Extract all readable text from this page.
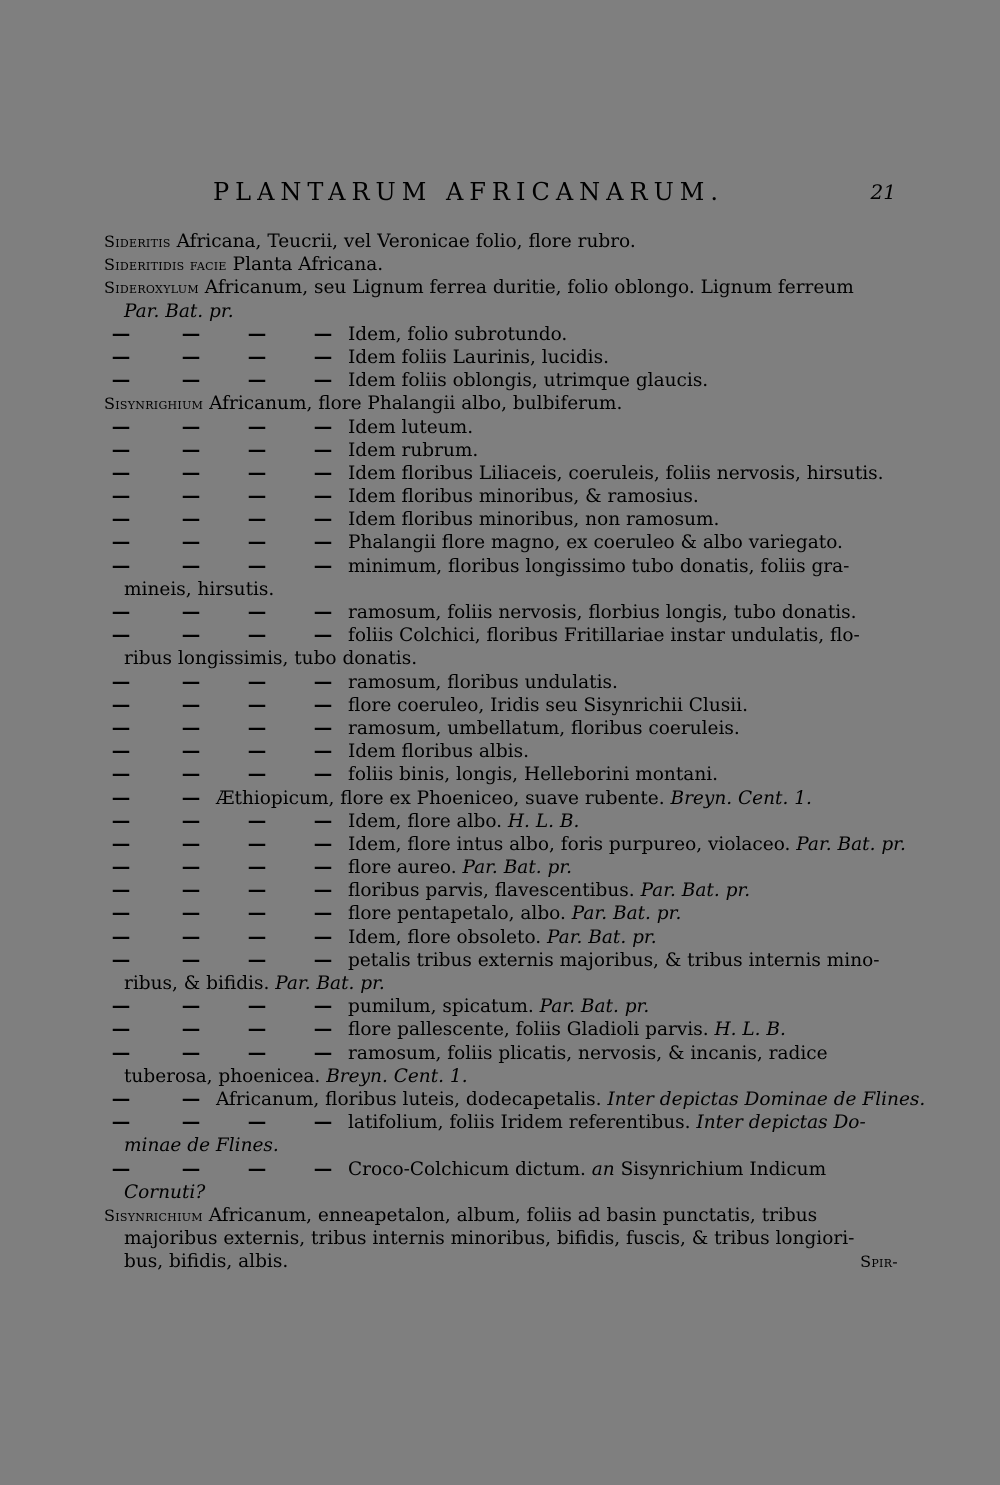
PLANTARUM AFRICANARUM.	21
Sideritis Africana, Teucrii, vel Veronicae folio, flore rubro.
Sideritidis facie Planta Africana.
Sideroxylum Africanum, seu Lignum ferrea duritie, folio oblongo. Lignum ferreum
Par. Bat. pr.
—	—	—	— Idem, folio subrotundo.
—	—	—	— Idem foliis Laurinis, lucidis.
—	—	—	— Idem foliis oblongis, utrimque glaucis.
Sisynrighium Africanum, flore Phalangii albo, bulbiferum.
—	—	—	— Idem luteum.
—	—	—	— Idem rubrum.
—	—	—	— Idem floribus Liliaceis, coeruleis, foliis nervosis, hirsutis.
—	—	—	— Idem floribus minoribus, & ramosius.
—	—	—	— Idem floribus minoribus, non ramosum.
—	—	—	— Phalangii flore magno, ex coeruleo & albo variegato.
—	—	—	— minimum, floribus longissimo tubo donatis, foliis gra-
mineis, hirsutis.
—	—	—	— ramosum, foliis nervosis, florbius longis, tubo donatis.
—	—	—	— foliis Colchici, floribus Fritillariae instar undulatis, flo-
ribus longissimis, tubo donatis.
—	—	—	— ramosum, floribus undulatis.
—	—	—	— flore coeruleo, Iridis seu Sisynrichii Clusii.
—	—	—	— ramosum, umbellatum, floribus coeruleis.
—	—	—	— Idem floribus albis.
—	—	—	— foliis binis, longis, Helleborini montani.
—	— Æthiopicum, flore ex Phoeniceo, suave rubente. Breyn. Cent. 1.
—	—	—	— Idem, flore albo. H. L. B.
—	—	—	— Idem, flore intus albo, foris purpureo, violaceo. Par. Bat. pr.
—	—	—	— flore aureo. Par. Bat. pr.
—	—	—	— floribus parvis, flavescentibus. Par. Bat. pr.
—	—	—	— flore pentapetalo, albo. Par. Bat. pr.
—	—	—	— Idem, flore obsoleto. Par. Bat. pr.
—	—	—	— petalis tribus externis majoribus, & tribus internis mino-
ribus, & bifidis. Par. Bat. pr.
—	—	—	— pumilum, spicatum. Par. Bat. pr.
—	—	—	— flore pallescente, foliis Gladioli parvis. H. L. B.
—	—	—	— ramosum, foliis plicatis, nervosis, & incanis, radice
tuberosa, phoenicea. Breyn. Cent. 1.
—	— Africanum, floribus luteis, dodecapetalis. Inter depictas Dominae de Flines.
—	—	—	— latifolium, foliis Iridem referentibus. Inter depictas Do-
minae de Flines.
—	—	—	— Croco-Colchicum dictum. an Sisynrichium Indicum
Cornuti?
Sisynrichium Africanum, enneapetalon, album, foliis ad basin punctatis, tribus
majoribus externis, tribus internis minoribus, bifidis, fuscis, & tribus longiori-
bus, bifidis, albis.	Spir-
